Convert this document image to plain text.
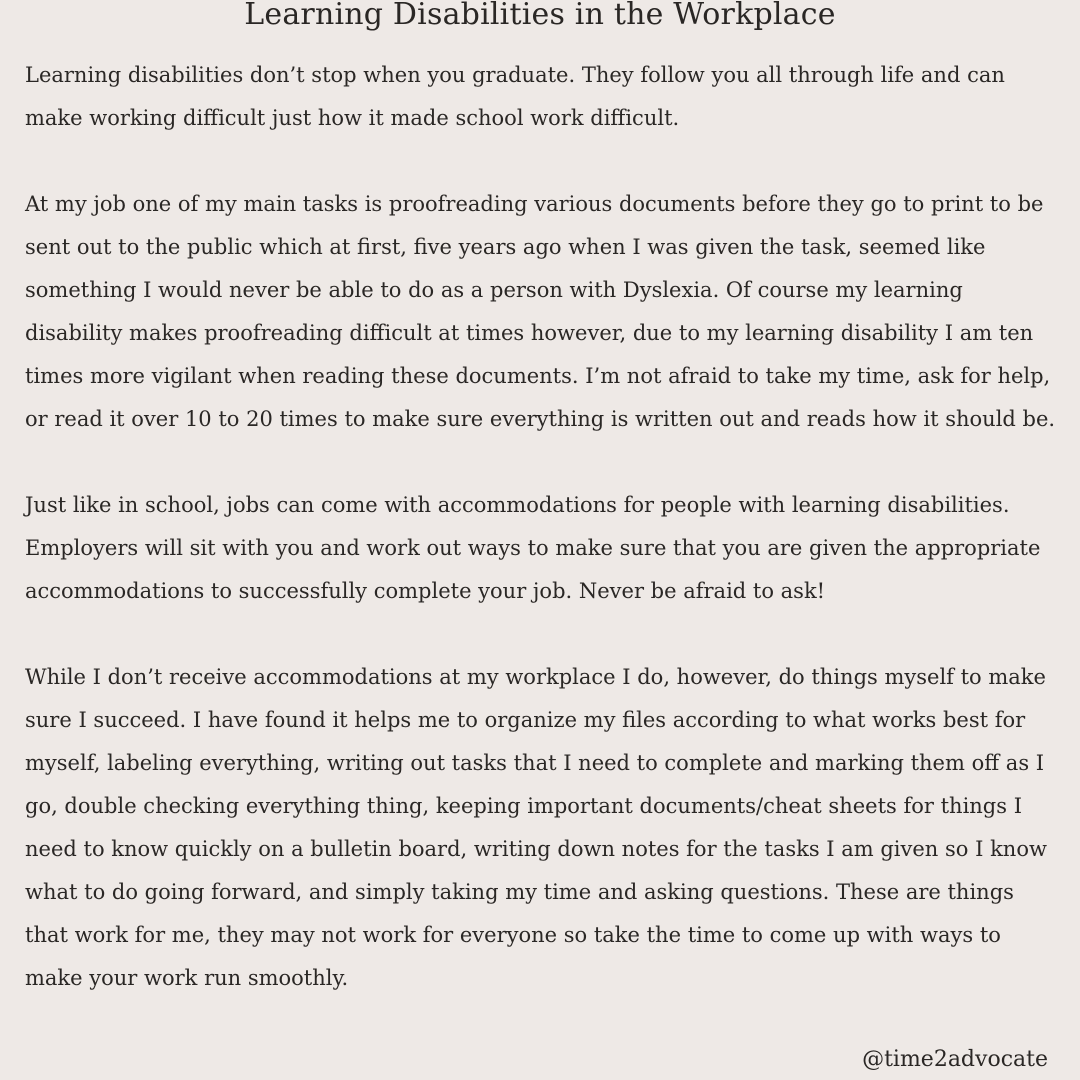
Learning Disabilities in the Workplace

Learning disabilities don’t stop when you graduate. They follow you all through life and can make working difficult just how it made school work difficult.

At my job one of my main tasks is proofreading various documents before they go to print to be sent out to the public which at first, five years ago when I was given the task, seemed like something I would never be able to do as a person with Dyslexia. Of course my learning disability makes proofreading difficult at times however, due to my learning disability I am ten times more vigilant when reading these documents. I’m not afraid to take my time, ask for help, or read it over 10 to 20 times to make sure everything is written out and reads how it should be.

Just like in school, jobs can come with accommodations for people with learning disabilities. Employers will sit with you and work out ways to make sure that you are given the appropriate accommodations to successfully complete your job. Never be afraid to ask!

While I don’t receive accommodations at my workplace I do, however, do things myself to make sure I succeed. I have found it helps me to organize my files according to what works best for myself, labeling everything, writing out tasks that I need to complete and marking them off as I go, double checking everything thing, keeping important documents/cheat sheets for things I need to know quickly on a bulletin board, writing down notes for the tasks I am given so I know what to do going forward, and simply taking my time and asking questions. These are things that work for me, they may not work for everyone so take the time to come up with ways to make your work run smoothly.

@time2advocate
